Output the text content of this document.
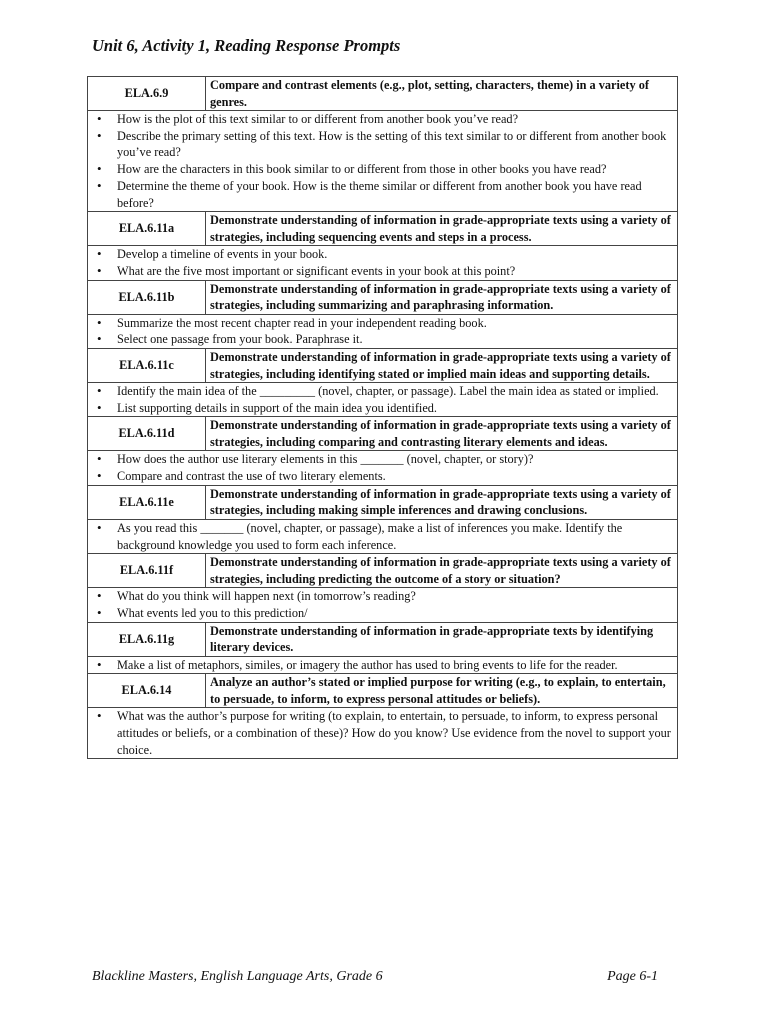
Unit 6, Activity 1, Reading Response Prompts
ELA.6.9
Compare and contrast elements (e.g., plot, setting, characters, theme) in a variety of genres.
• How is the plot of this text similar to or different from another book you’ve read?
• Describe the primary setting of this text. How is the setting of this text similar to or different from another book you’ve read?
• How are the characters in this book similar to or different from those in other books you have read?
• Determine the theme of your book. How is the theme similar or different from another book you have read before?
ELA.6.11a
Demonstrate understanding of information in grade-appropriate texts using a variety of strategies, including sequencing events and steps in a process.
• Develop a timeline of events in your book.
• What are the five most important or significant events in your book at this point?
ELA.6.11b
Demonstrate understanding of information in grade-appropriate texts using a variety of strategies, including summarizing and paraphrasing information.
• Summarize the most recent chapter read in your independent reading book.
• Select one passage from your book. Paraphrase it.
ELA.6.11c
Demonstrate understanding of information in grade-appropriate texts using a variety of strategies, including identifying stated or implied main ideas and supporting details.
• Identify the main idea of the _________ (novel, chapter, or passage). Label the main idea as stated or implied.
• List supporting details in support of the main idea you identified.
ELA.6.11d
Demonstrate understanding of information in grade-appropriate texts using a variety of strategies, including comparing and contrasting literary elements and ideas.
• How does the author use literary elements in this _______ (novel, chapter, or story)?
• Compare and contrast the use of two literary elements.
ELA.6.11e
Demonstrate understanding of information in grade-appropriate texts using a variety of strategies, including making simple inferences and drawing conclusions.
• As you read this _______ (novel, chapter, or passage), make a list of inferences you make. Identify the background knowledge you used to form each inference.
ELA.6.11f
Demonstrate understanding of information in grade-appropriate texts using a variety of strategies, including predicting the outcome of a story or situation?
• What do you think will happen next (in tomorrow’s reading?
• What events led you to this prediction/
ELA.6.11g
Demonstrate understanding of information in grade-appropriate texts by identifying literary devices.
• Make a list of metaphors, similes, or imagery the author has used to bring events to life for the reader.
ELA.6.14
Analyze an author’s stated or implied purpose for writing (e.g., to explain, to entertain, to persuade, to inform, to express personal attitudes or beliefs).
• What was the author’s purpose for writing (to explain, to entertain, to persuade, to inform, to express personal attitudes or beliefs, or a combination of these)? How do you know? Use evidence from the novel to support your choice.
Blackline Masters, English Language Arts, Grade 6	Page 6-1
